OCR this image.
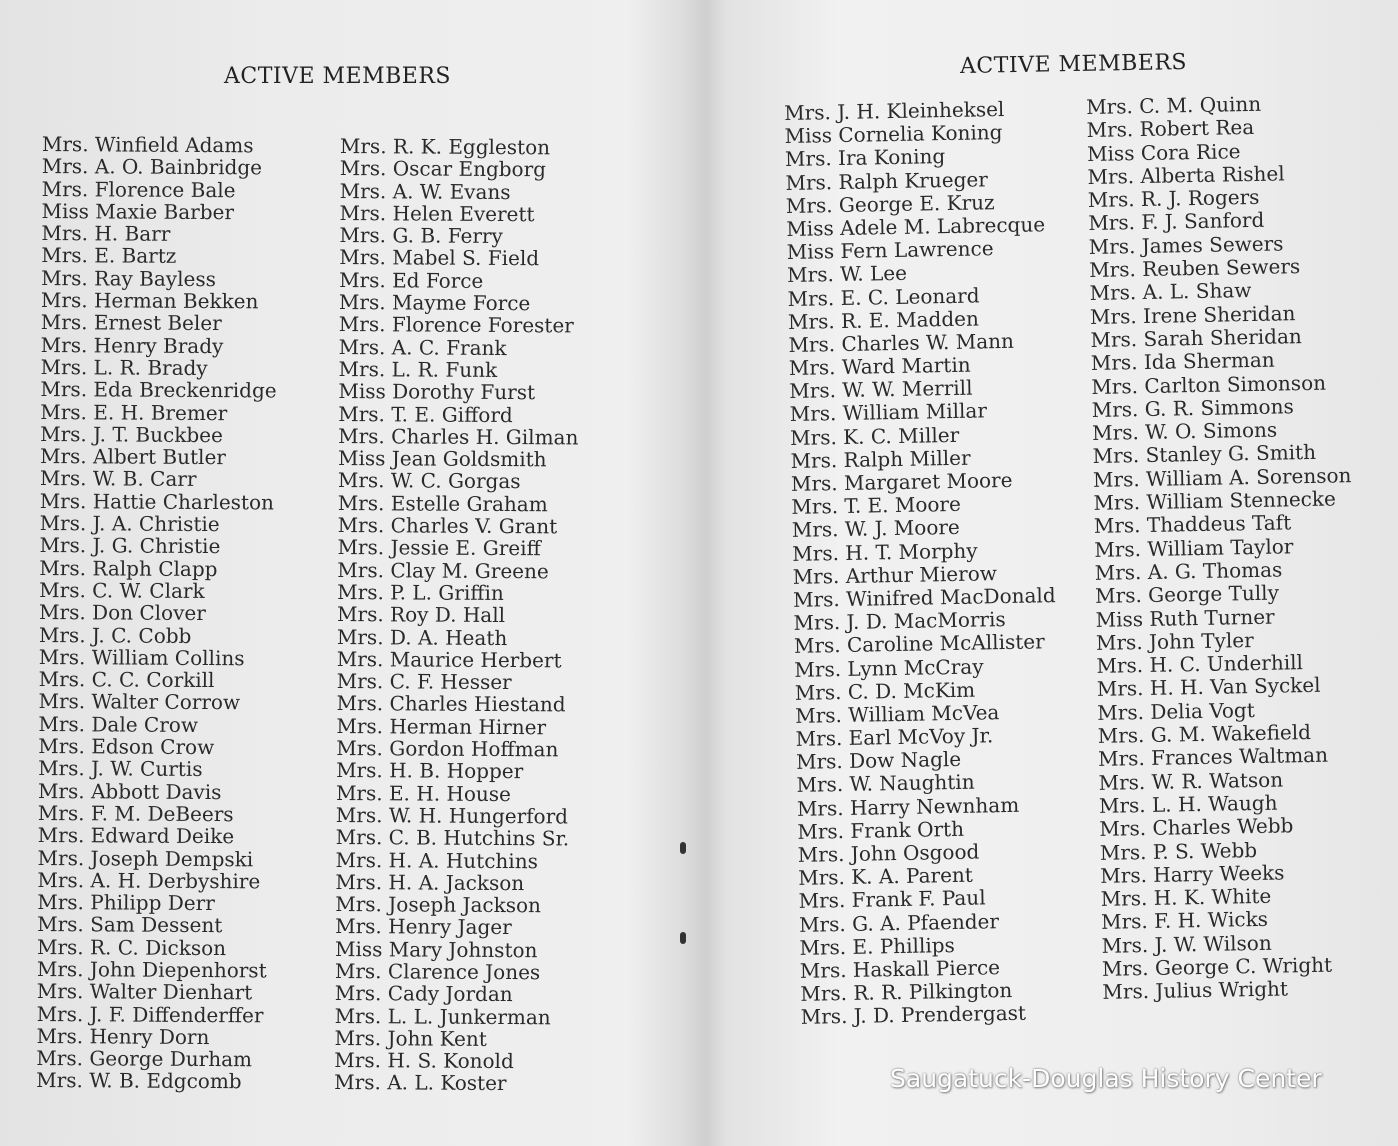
ACTIVE MEMBERS
Mrs. Winfield Adams
Mrs. A. O. Bainbridge
Mrs. Florence Bale
Miss Maxie Barber
Mrs. H. Barr
Mrs. E. Bartz
Mrs. Ray Bayless
Mrs. Herman Bekken
Mrs. Ernest Beler
Mrs. Henry Brady
Mrs. L. R. Brady
Mrs. Eda Breckenridge
Mrs. E. H. Bremer
Mrs. J. T. Buckbee
Mrs. Albert Butler
Mrs. W. B. Carr
Mrs. Hattie Charleston
Mrs. J. A. Christie
Mrs. J. G. Christie
Mrs. Ralph Clapp
Mrs. C. W. Clark
Mrs. Don Clover
Mrs. J. C. Cobb
Mrs. William Collins
Mrs. C. C. Corkill
Mrs. Walter Corrow
Mrs. Dale Crow
Mrs. Edson Crow
Mrs. J. W. Curtis
Mrs. Abbott Davis
Mrs. F. M. DeBeers
Mrs. Edward Deike
Mrs. Joseph Dempski
Mrs. A. H. Derbyshire
Mrs. Philipp Derr
Mrs. Sam Dessent
Mrs. R. C. Dickson
Mrs. John Diepenhorst
Mrs. Walter Dienhart
Mrs. J. F. Diffenderffer
Mrs. Henry Dorn
Mrs. George Durham
Mrs. W. B. Edgcomb
Mrs. R. K. Eggleston
Mrs. Oscar Engborg
Mrs. A. W. Evans
Mrs. Helen Everett
Mrs. G. B. Ferry
Mrs. Mabel S. Field
Mrs. Ed Force
Mrs. Mayme Force
Mrs. Florence Forester
Mrs. A. C. Frank
Mrs. L. R. Funk
Miss Dorothy Furst
Mrs. T. E. Gifford
Mrs. Charles H. Gilman
Miss Jean Goldsmith
Mrs. W. C. Gorgas
Mrs. Estelle Graham
Mrs. Charles V. Grant
Mrs. Jessie E. Greiff
Mrs. Clay M. Greene
Mrs. P. L. Griffin
Mrs. Roy D. Hall
Mrs. D. A. Heath
Mrs. Maurice Herbert
Mrs. C. F. Hesser
Mrs. Charles Hiestand
Mrs. Herman Hirner
Mrs. Gordon Hoffman
Mrs. H. B. Hopper
Mrs. E. H. House
Mrs. W. H. Hungerford
Mrs. C. B. Hutchins Sr.
Mrs. H. A. Hutchins
Mrs. H. A. Jackson
Mrs. Joseph Jackson
Mrs. Henry Jager
Miss Mary Johnston
Mrs. Clarence Jones
Mrs. Cady Jordan
Mrs. L. L. Junkerman
Mrs. John Kent
Mrs. H. S. Konold
Mrs. A. L. Koster
ACTIVE MEMBERS
Mrs. J. H. Kleinheksel
Miss Cornelia Koning
Mrs. Ira Koning
Mrs. Ralph Krueger
Mrs. George E. Kruz
Miss Adele M. Labrecque
Miss Fern Lawrence
Mrs. W. Lee
Mrs. E. C. Leonard
Mrs. R. E. Madden
Mrs. Charles W. Mann
Mrs. Ward Martin
Mrs. W. W. Merrill
Mrs. William Millar
Mrs. K. C. Miller
Mrs. Ralph Miller
Mrs. Margaret Moore
Mrs. T. E. Moore
Mrs. W. J. Moore
Mrs. H. T. Morphy
Mrs. Arthur Mierow
Mrs. Winifred MacDonald
Mrs. J. D. MacMorris
Mrs. Caroline McAllister
Mrs. Lynn McCray
Mrs. C. D. McKim
Mrs. William McVea
Mrs. Earl McVoy Jr.
Mrs. Dow Nagle
Mrs. W. Naughtin
Mrs. Harry Newnham
Mrs. Frank Orth
Mrs. John Osgood
Mrs. K. A. Parent
Mrs. Frank F. Paul
Mrs. G. A. Pfaender
Mrs. E. Phillips
Mrs. Haskall Pierce
Mrs. R. R. Pilkington
Mrs. J. D. Prendergast
Mrs. C. M. Quinn
Mrs. Robert Rea
Miss Cora Rice
Mrs. Alberta Rishel
Mrs. R. J. Rogers
Mrs. F. J. Sanford
Mrs. James Sewers
Mrs. Reuben Sewers
Mrs. A. L. Shaw
Mrs. Irene Sheridan
Mrs. Sarah Sheridan
Mrs. Ida Sherman
Mrs. Carlton Simonson
Mrs. G. R. Simmons
Mrs. W. O. Simons
Mrs. Stanley G. Smith
Mrs. William A. Sorenson
Mrs. William Stennecke
Mrs. Thaddeus Taft
Mrs. William Taylor
Mrs. A. G. Thomas
Mrs. George Tully
Miss Ruth Turner
Mrs. John Tyler
Mrs. H. C. Underhill
Mrs. H. H. Van Syckel
Mrs. Delia Vogt
Mrs. G. M. Wakefield
Mrs. Frances Waltman
Mrs. W. R. Watson
Mrs. L. H. Waugh
Mrs. Charles Webb
Mrs. P. S. Webb
Mrs. Harry Weeks
Mrs. H. K. White
Mrs. F. H. Wicks
Mrs. J. W. Wilson
Mrs. George C. Wright
Mrs. Julius Wright
Saugatuck-Douglas History Center
